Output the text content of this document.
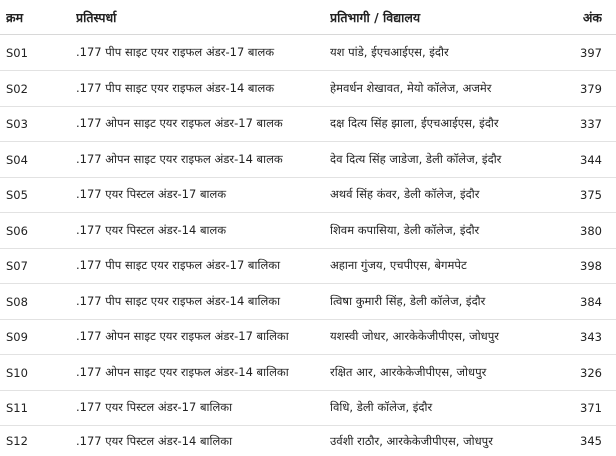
क्रम	प्रतिस्पर्धा	प्रतिभागी / विद्यालय	अंक
S01	.177 पीप साइट एयर राइफल अंडर-17 बालक	यश पांडे, ईएचआईएस, इंदौर	397
S02	.177 पीप साइट एयर राइफल अंडर-14 बालक	हेमवर्धन शेखावत, मेयो कॉलेज, अजमेर	379
S03	.177 ओपन साइट एयर राइफल अंडर-17 बालक	दक्ष दित्य सिंह झाला, ईएचआईएस, इंदौर	337
S04	.177 ओपन साइट एयर राइफल अंडर-14 बालक	देव दित्य सिंह जाडेजा, डेली कॉलेज, इंदौर	344
S05	.177 एयर पिस्टल अंडर-17 बालक	अथर्व सिंह कंवर, डेली कॉलेज, इंदौर	375
S06	.177 एयर पिस्टल अंडर-14 बालक	शिवम कपासिया, डेली कॉलेज, इंदौर	380
S07	.177 पीप साइट एयर राइफल अंडर-17 बालिका	अहाना गुंजय, एचपीएस, बेगमपेट	398
S08	.177 पीप साइट एयर राइफल अंडर-14 बालिका	त्विषा कुमारी सिंह, डेली कॉलेज, इंदौर	384
S09	.177 ओपन साइट एयर राइफल अंडर-17 बालिका	यशस्वी जोधर, आरकेकेजीपीएस, जोधपुर	343
S10	.177 ओपन साइट एयर राइफल अंडर-14 बालिका	रक्षित आर, आरकेकेजीपीएस, जोधपुर	326
S11	.177 एयर पिस्टल अंडर-17 बालिका	विधि, डेली कॉलेज, इंदौर	371
S12	.177 एयर पिस्टल अंडर-14 बालिका	उर्वशी राठौर, आरकेकेजीपीएस, जोधपुर	345
